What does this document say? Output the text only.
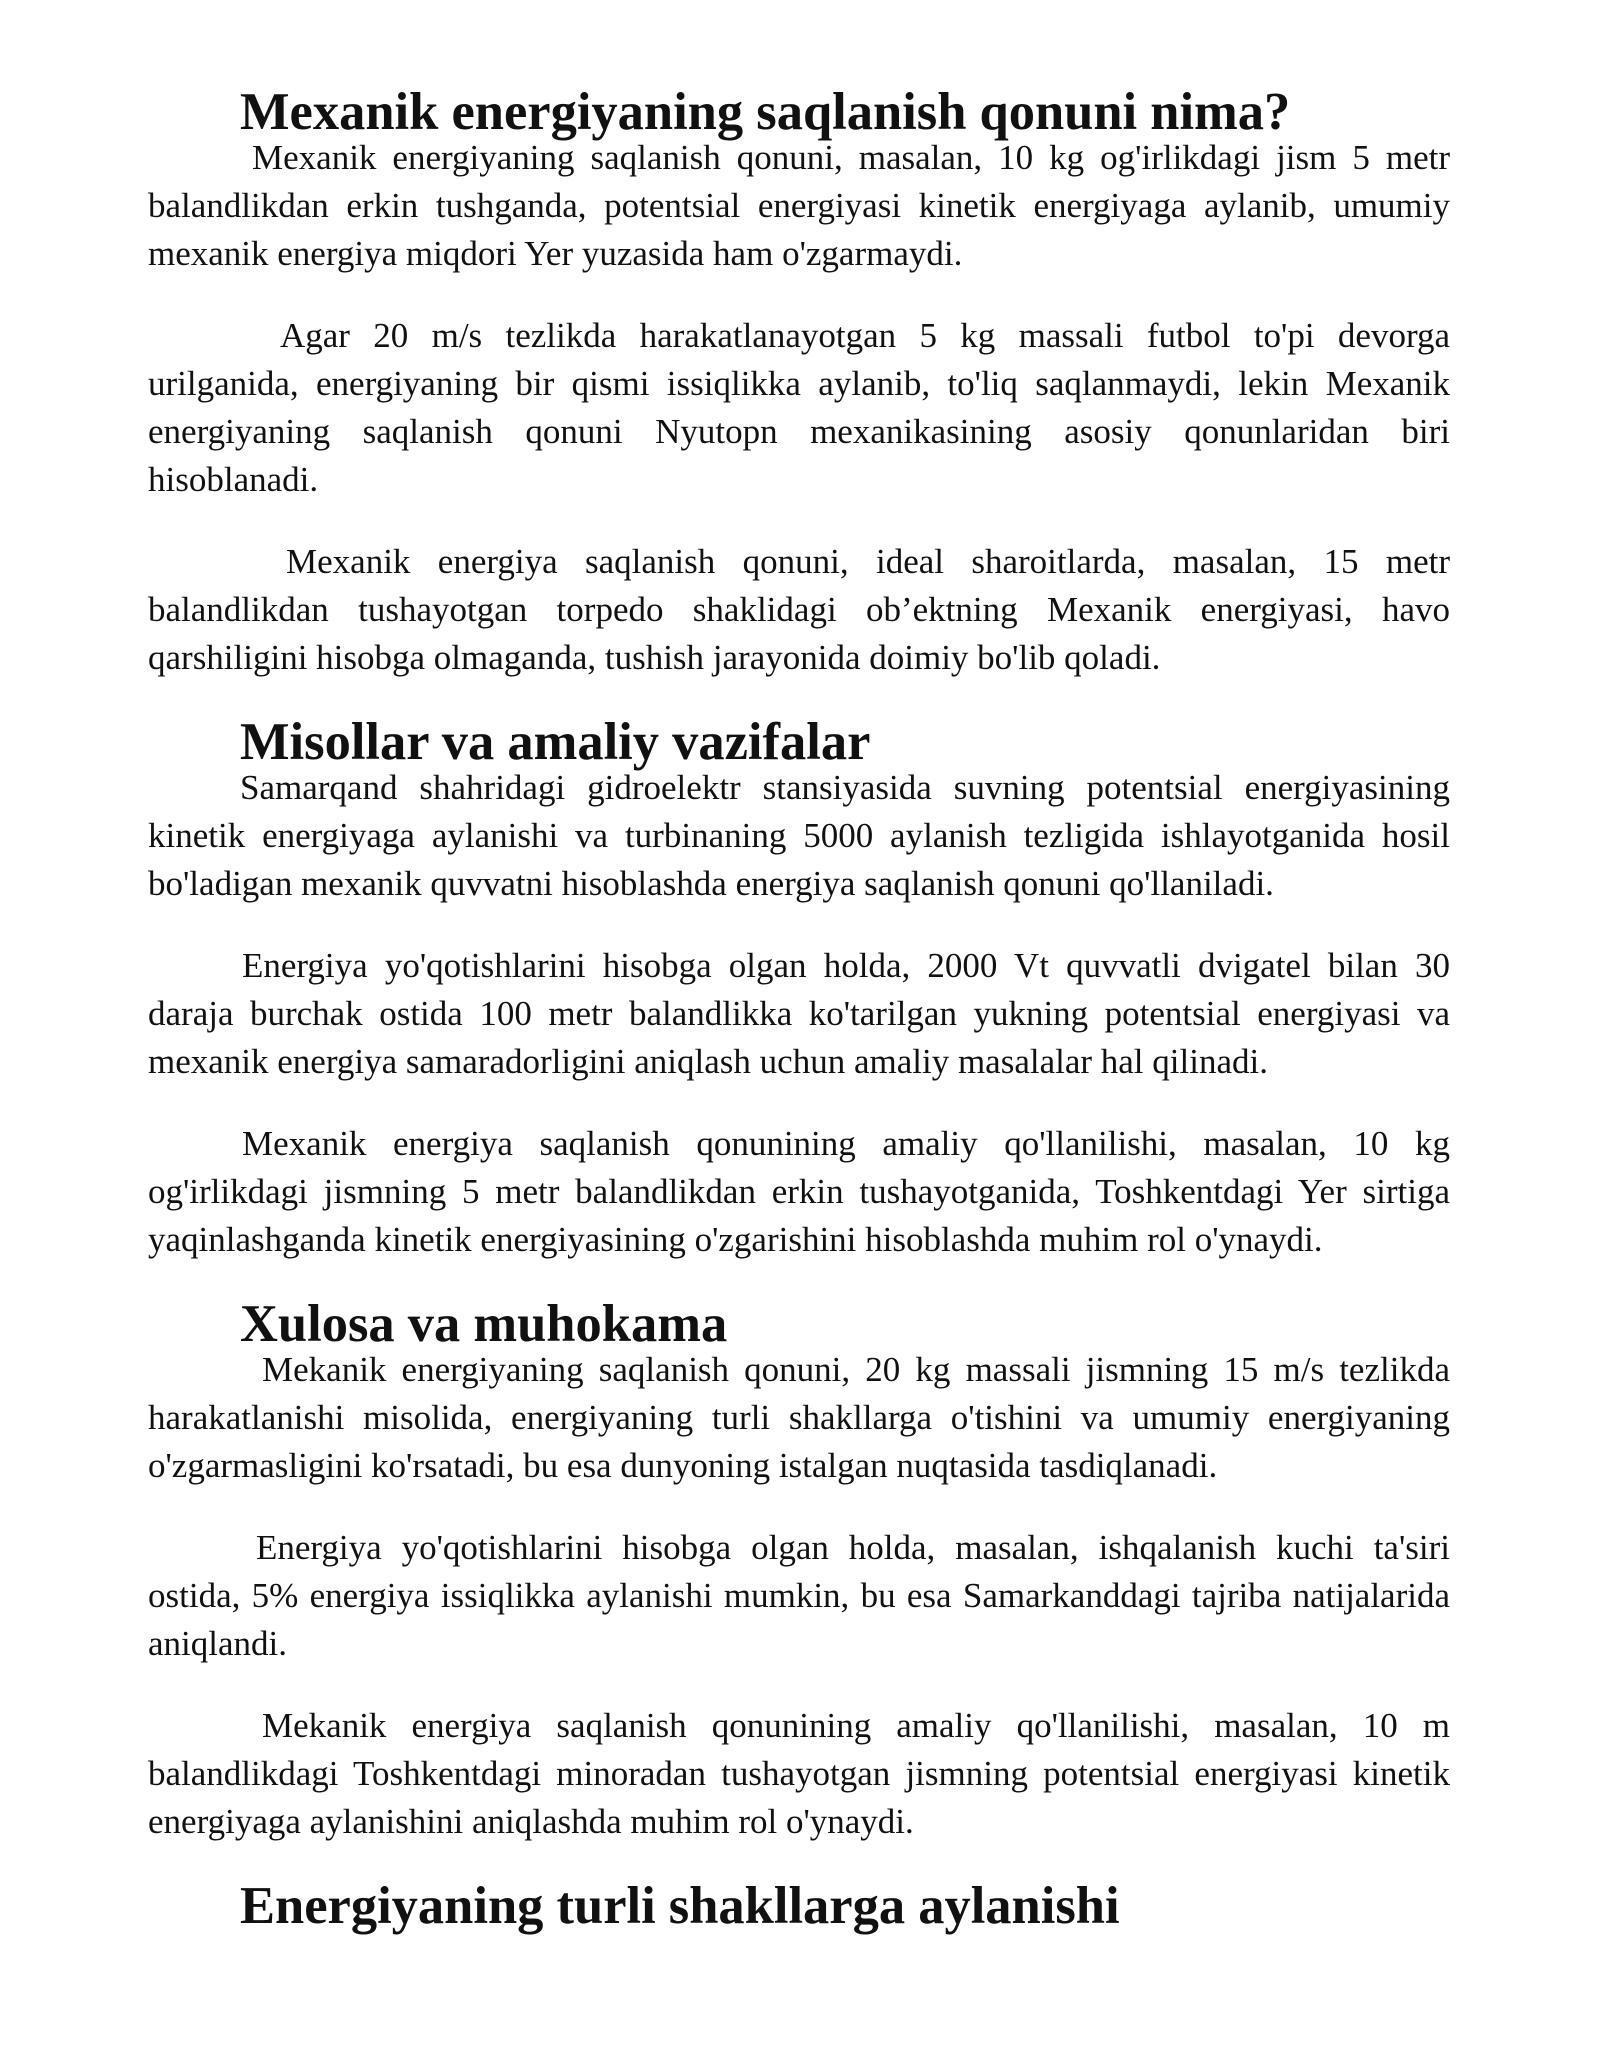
Mexanik energiyaning saqlanish qonuni nima?

Mexanik energiyaning saqlanish qonuni, masalan, 10 kg og'irlikdagi jism 5 metr balandlikdan erkin tushganda, potentsial energiyasi kinetik energiyaga aylanib, umumiy mexanik energiya miqdori Yer yuzasida ham o'zgarmaydi.

Agar 20 m/s tezlikda harakatlanayotgan 5 kg massali futbol to'pi devorga urilganida, energiyaning bir qismi issiqlikka aylanib, to'liq saqlanmaydi, lekin Mexanik energiyaning saqlanish qonuni Nyutopn mexanikasining asosiy qonunlaridan biri hisoblanadi.

Mexanik energiya saqlanish qonuni, ideal sharoitlarda, masalan, 15 metr balandlikdan tushayotgan torpedo shaklidagi ob’ektning Mexanik energiyasi, havo qarshiligini hisobga olmaganda, tushish jarayonida doimiy bo'lib qoladi.

Misollar va amaliy vazifalar

Samarqand shahridagi gidroelektr stansiyasida suvning potentsial energiyasining kinetik energiyaga aylanishi va turbinaning 5000 aylanish tezligida ishlayotganida hosil bo'ladigan mexanik quvvatni hisoblashda energiya saqlanish qonuni qo'llaniladi.

Energiya yo'qotishlarini hisobga olgan holda, 2000 Vt quvvatli dvigatel bilan 30 daraja burchak ostida 100 metr balandlikka ko'tarilgan yukning potentsial energiyasi va mexanik energiya samaradorligini aniqlash uchun amaliy masalalar hal qilinadi.

Mexanik energiya saqlanish qonunining amaliy qo'llanilishi, masalan, 10 kg og'irlikdagi jismning 5 metr balandlikdan erkin tushayotganida, Toshkentdagi Yer sirtiga yaqinlashganda kinetik energiyasining o'zgarishini hisoblashda muhim rol o'ynaydi.

Xulosa va muhokama

Mekanik energiyaning saqlanish qonuni, 20 kg massali jismning 15 m/s tezlikda harakatlanishi misolida, energiyaning turli shakllarga o'tishini va umumiy energiyaning o'zgarmasligini ko'rsatadi, bu esa dunyoning istalgan nuqtasida tasdiqlanadi.

Energiya yo'qotishlarini hisobga olgan holda, masalan, ishqalanish kuchi ta'siri ostida, 5% energiya issiqlikka aylanishi mumkin, bu esa Samarkanddagi tajriba natijalarida aniqlandi.

Mekanik energiya saqlanish qonunining amaliy qo'llanilishi, masalan, 10 m balandlikdagi Toshkentdagi minoradan tushayotgan jismning potentsial energiyasi kinetik energiyaga aylanishini aniqlashda muhim rol o'ynaydi.

Energiyaning turli shakllarga aylanishi
